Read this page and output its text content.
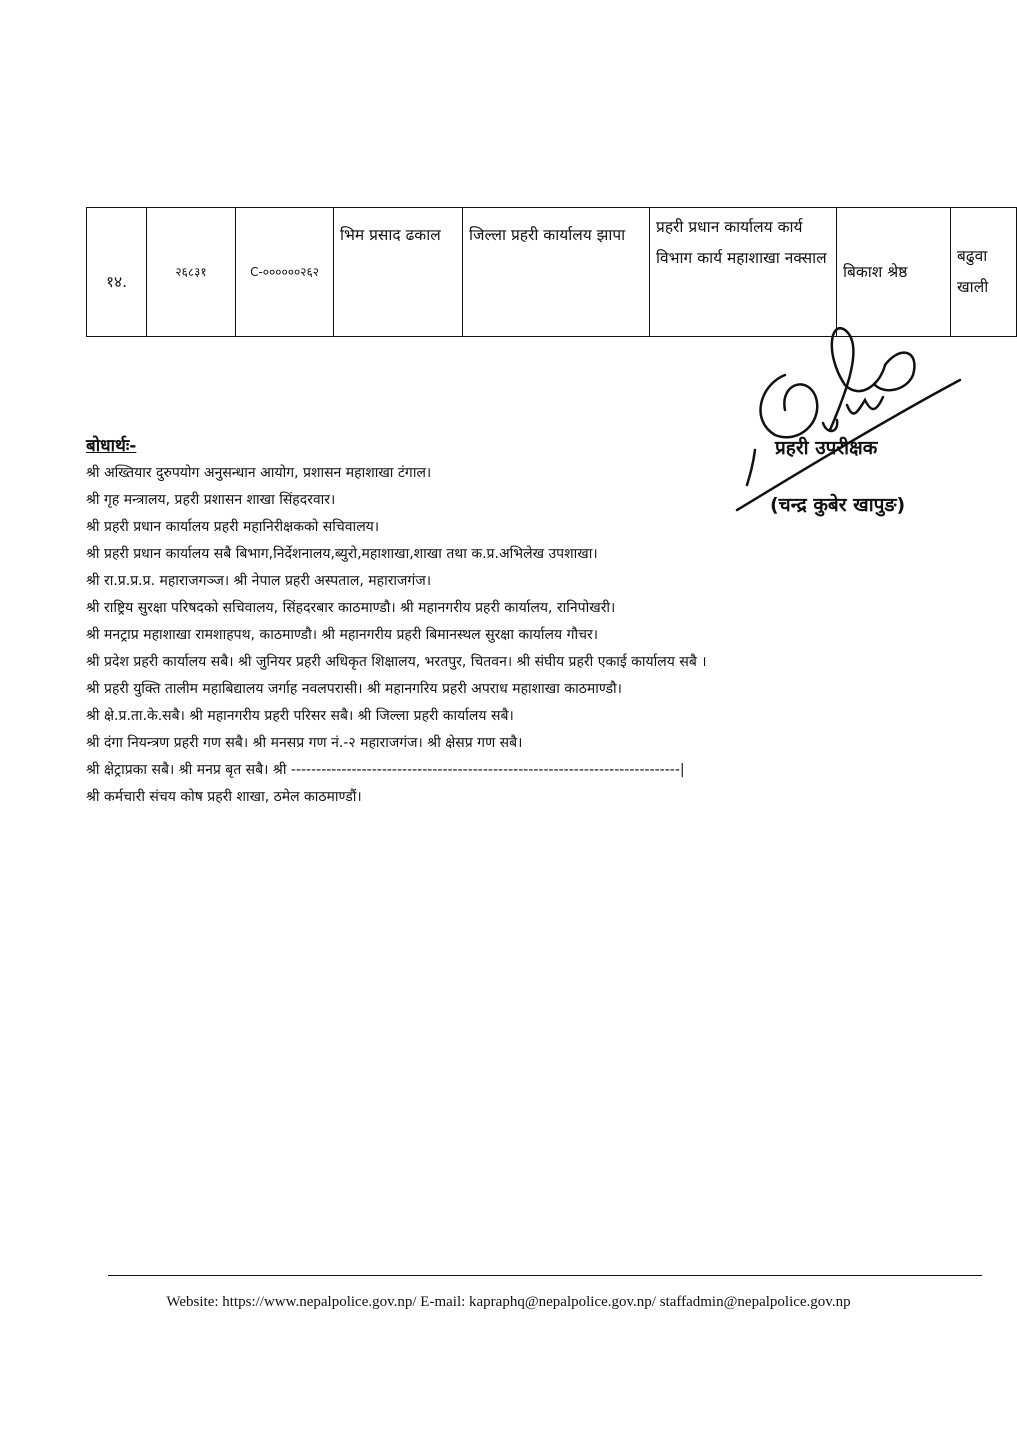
१४.	२६८३१	C-००००००२६२	भिम प्रसाद ढकाल	जिल्ला प्रहरी कार्यालय झापा	प्रहरी प्रधान कार्यालय कार्य विभाग कार्य महाशाखा नक्साल	बिकाश श्रेष्ठ	बढुवा खाली
प्रहरी उपरीक्षक
(चन्द्र कुबेर खापुङ)
बोधार्थः-
श्री अख्तियार दुरुपयोग अनुसन्धान आयोग, प्रशासन महाशाखा टंगाल।
श्री गृह मन्त्रालय, प्रहरी प्रशासन शाखा सिंहदरवार।
श्री प्रहरी प्रधान कार्यालय प्रहरी महानिरीक्षकको सचिवालय।
श्री प्रहरी प्रधान कार्यालय सबै बिभाग,निर्देशनालय,ब्युरो,महाशाखा,शाखा तथा क.प्र.अभिलेख उपशाखा।
श्री रा.प्र.प्र.प्र. महाराजगञ्ज। श्री नेपाल प्रहरी अस्पताल, महाराजगंज।
श्री राष्ट्रिय सुरक्षा परिषदको सचिवालय, सिंहदरबार काठमाण्डौ। श्री महानगरीय प्रहरी कार्यालय, रानिपोखरी।
श्री मनट्राप्र महाशाखा रामशाहपथ, काठमाण्डौ। श्री महानगरीय प्रहरी बिमानस्थल सुरक्षा कार्यालय गौचर।
श्री प्रदेश प्रहरी कार्यालय सबै। श्री जुनियर प्रहरी अधिकृत शिक्षालय, भरतपुर, चितवन। श्री संघीय प्रहरी एकाई कार्यालय सबै ।
श्री प्रहरी युक्ति तालीम महाबिद्यालय जर्गाह नवलपरासी। श्री महानगरिय प्रहरी अपराध महाशाखा काठमाण्डौ।
श्री क्षे.प्र.ता.के.सबै। श्री महानगरीय प्रहरी परिसर सबै। श्री जिल्ला प्रहरी कार्यालय सबै।
श्री दंगा नियन्त्रण प्रहरी गण सबै। श्री मनसप्र गण नं.-२ महाराजगंज। श्री क्षेसप्र गण सबै।
श्री क्षेट्राप्रका सबै। श्री मनप्र बृत सबै। श्री -----------------------------------------------------------------------------|
श्री कर्मचारी संचय कोष प्रहरी शाखा, ठमेल काठमाण्डौं।
Website: https://www.nepalpolice.gov.np/ E-mail: kapraphq@nepalpolice.gov.np/ staffadmin@nepalpolice.gov.np
